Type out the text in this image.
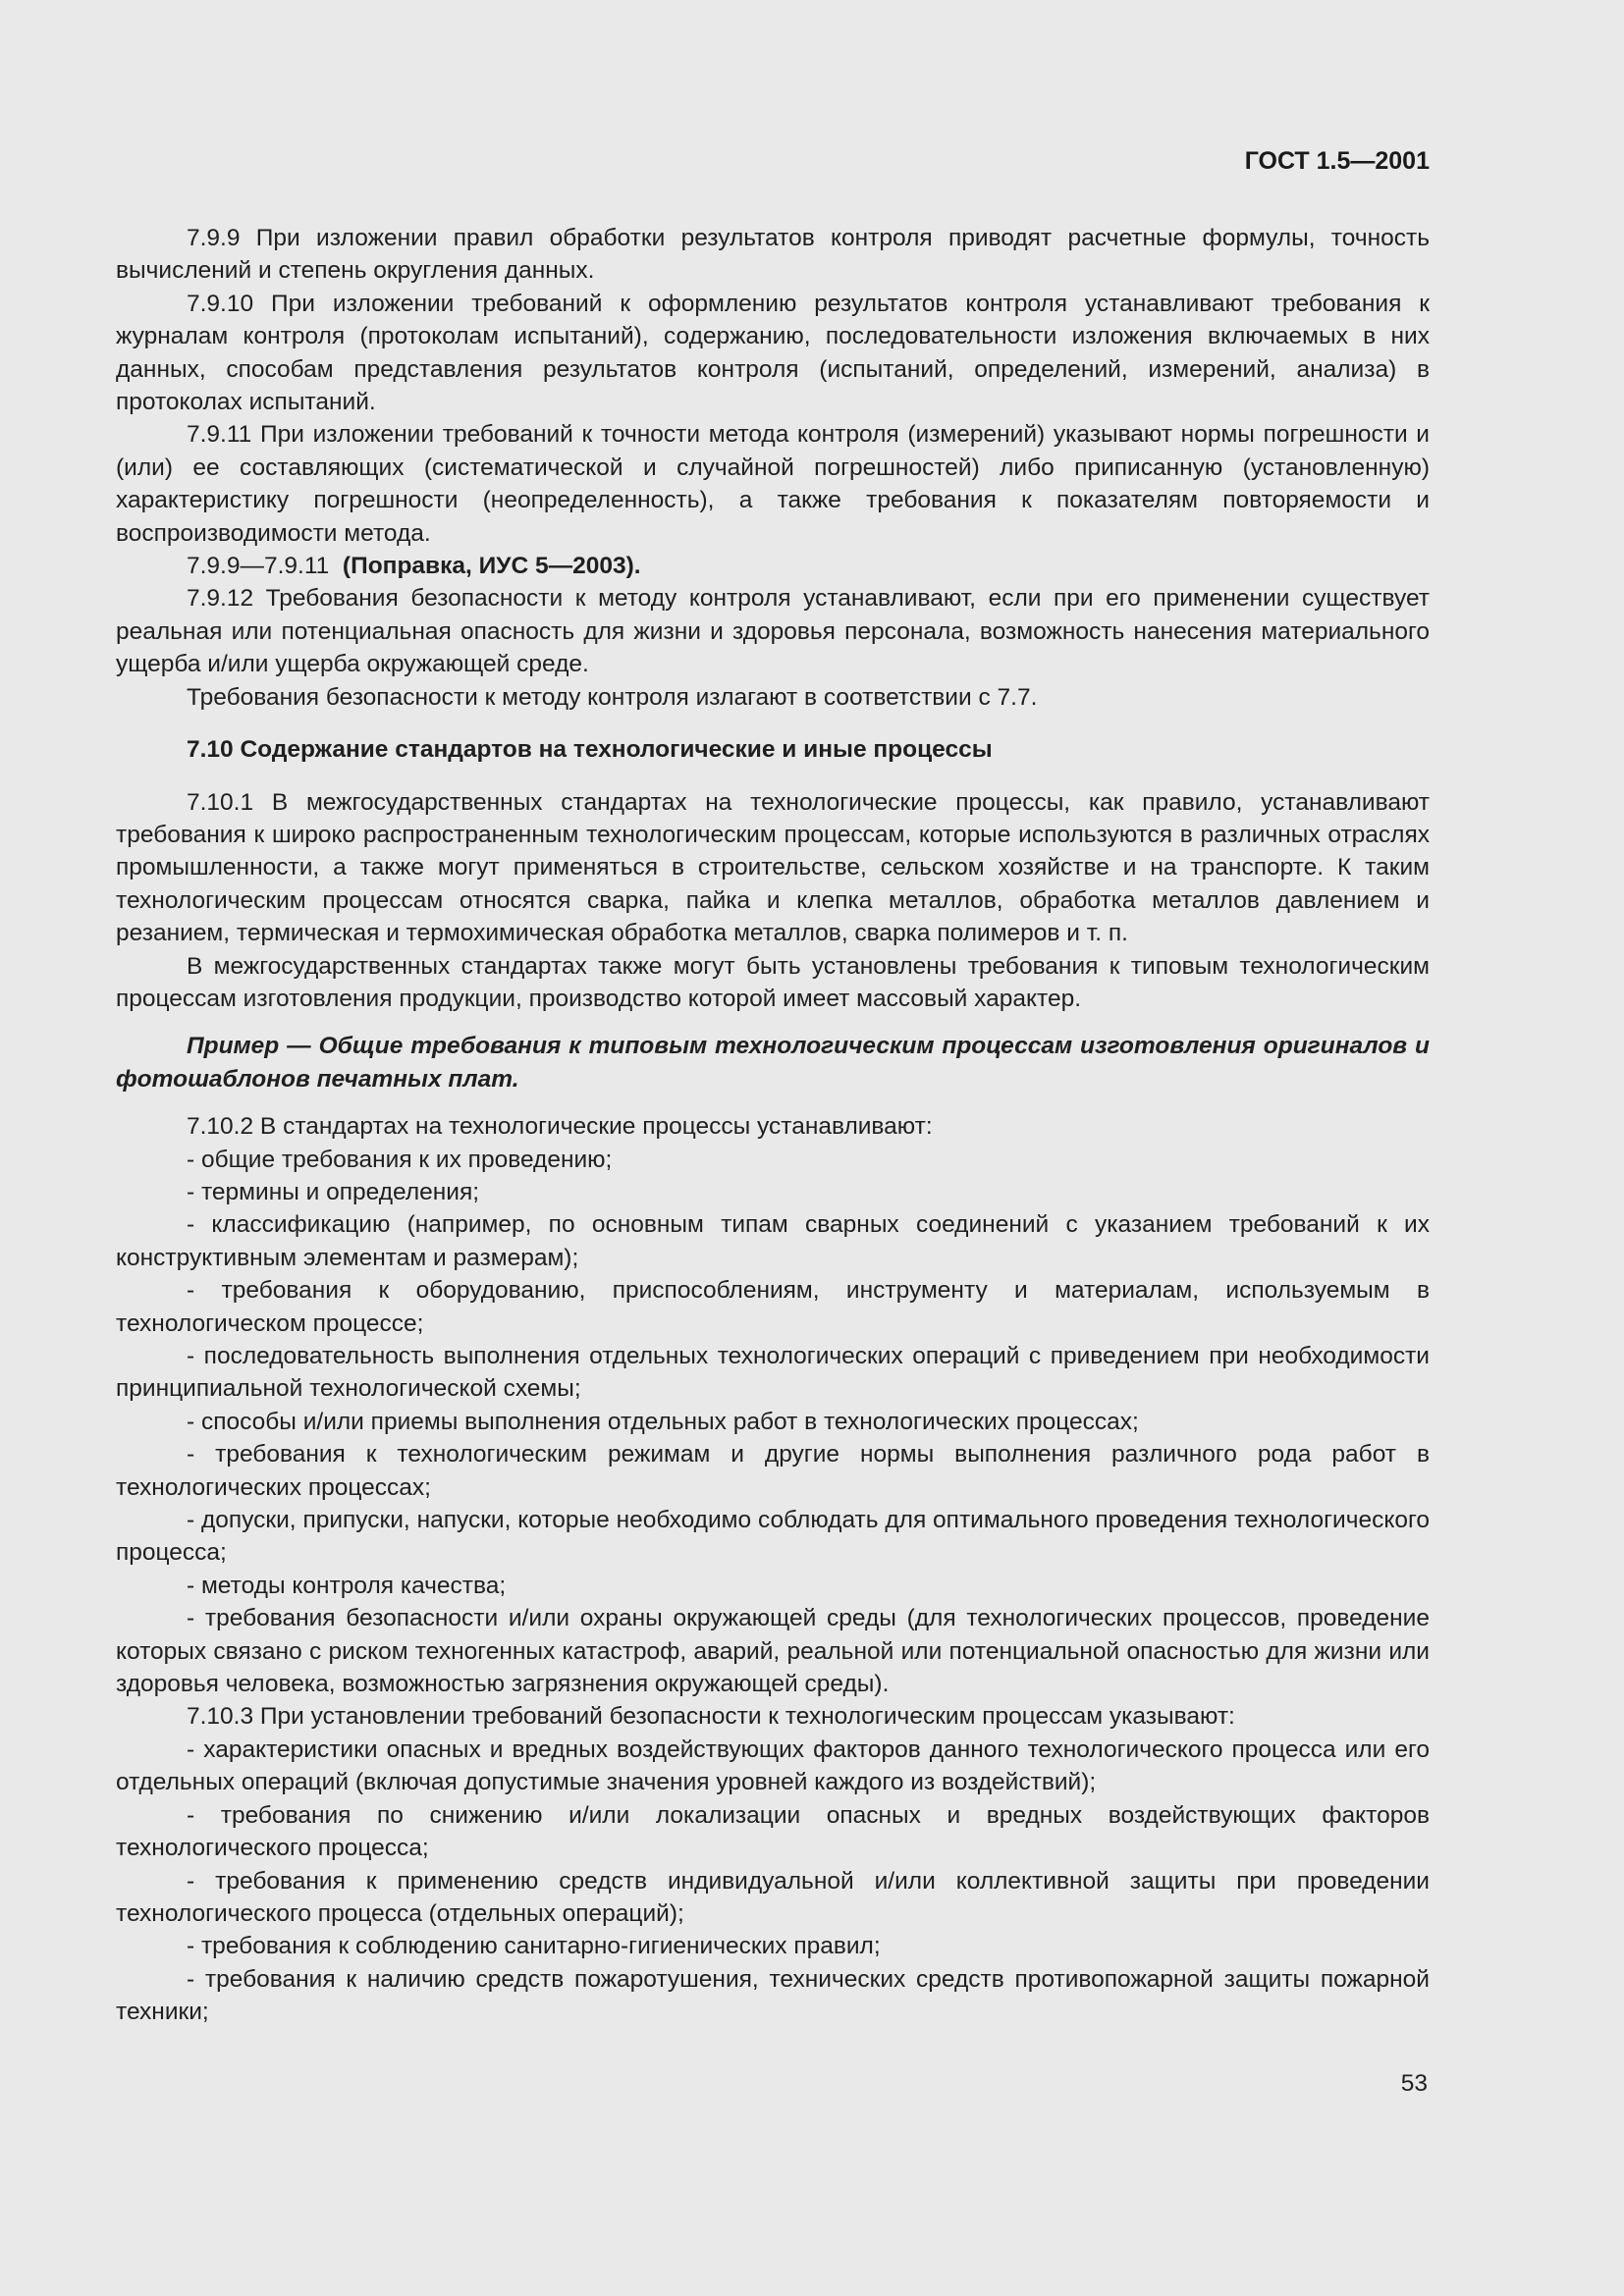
ГОСТ 1.5—2001

7.9.9 При изложении правил обработки результатов контроля приводят расчетные формулы, точность вычислений и степень округления данных.

7.9.10 При изложении требований к оформлению результатов контроля устанавливают требования к журналам контроля (протоколам испытаний), содержанию, последовательности изложения включаемых в них данных, способам представления результатов контроля (испытаний, определений, измерений, анализа) в протоколах испытаний.

7.9.11 При изложении требований к точности метода контроля (измерений) указывают нормы погрешности и (или) ее составляющих (систематической и случайной погрешностей) либо приписанную (установленную) характеристику погрешности (неопределенность), а также требования к показателям повторяемости и воспроизводимости метода.

7.9.9—7.9.11 (Поправка, ИУС 5—2003).

7.9.12 Требования безопасности к методу контроля устанавливают, если при его применении существует реальная или потенциальная опасность для жизни и здоровья персонала, возможность нанесения материального ущерба и/или ущерба окружающей среде.

Требования безопасности к методу контроля излагают в соответствии с 7.7.

7.10 Содержание стандартов на технологические и иные процессы

7.10.1 В межгосударственных стандартах на технологические процессы, как правило, устанавливают требования к широко распространенным технологическим процессам, которые используются в различных отраслях промышленности, а также могут применяться в строительстве, сельском хозяйстве и на транспорте. К таким технологическим процессам относятся сварка, пайка и клепка металлов, обработка металлов давлением и резанием, термическая и термохимическая обработка металлов, сварка полимеров и т. п.

В межгосударственных стандартах также могут быть установлены требования к типовым технологическим процессам изготовления продукции, производство которой имеет массовый характер.

Пример — Общие требования к типовым технологическим процессам изготовления оригиналов и фотошаблонов печатных плат.

7.10.2 В стандартах на технологические процессы устанавливают:

- общие требования к их проведению;

- термины и определения;

- классификацию (например, по основным типам сварных соединений с указанием требований к их конструктивным элементам и размерам);

- требования к оборудованию, приспособлениям, инструменту и материалам, используемым в технологическом процессе;

- последовательность выполнения отдельных технологических операций с приведением при необходимости принципиальной технологической схемы;

- способы и/или приемы выполнения отдельных работ в технологических процессах;

- требования к технологическим режимам и другие нормы выполнения различного рода работ в технологических процессах;

- допуски, припуски, напуски, которые необходимо соблюдать для оптимального проведения технологического процесса;

- методы контроля качества;

- требования безопасности и/или охраны окружающей среды (для технологических процессов, проведение которых связано с риском техногенных катастроф, аварий, реальной или потенциальной опасностью для жизни или здоровья человека, возможностью загрязнения окружающей среды).

7.10.3 При установлении требований безопасности к технологическим процессам указывают:

- характеристики опасных и вредных воздействующих факторов данного технологического процесса или его отдельных операций (включая допустимые значения уровней каждого из воздействий);

- требования по снижению и/или локализации опасных и вредных воздействующих факторов технологического процесса;

- требования к применению средств индивидуальной и/или коллективной защиты при проведении технологического процесса (отдельных операций);

- требования к соблюдению санитарно-гигиенических правил;

- требования к наличию средств пожаротушения, технических средств противопожарной защиты пожарной техники;

53
